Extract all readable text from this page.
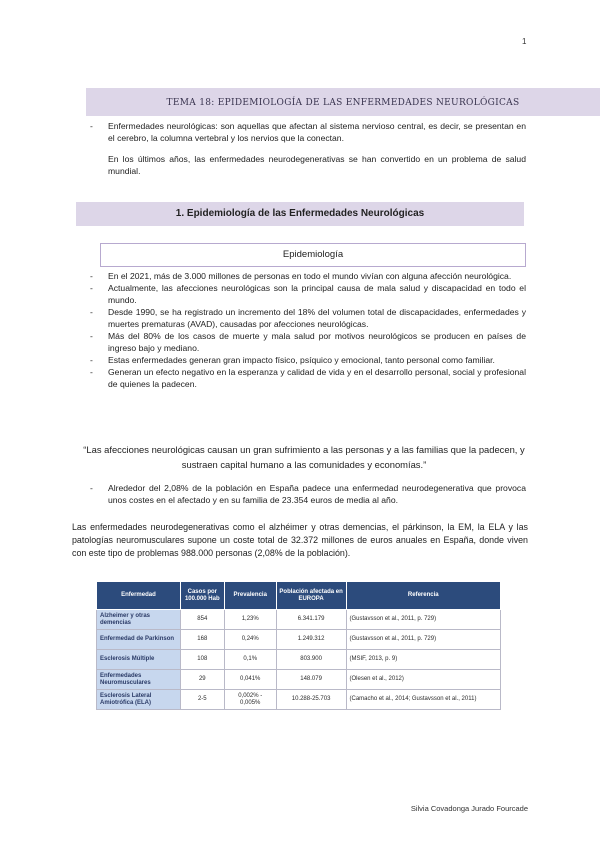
1
TEMA 18: EPIDEMIOLOGÍA DE LAS ENFERMEDADES NEUROLÓGICAS
- Enfermedades neurológicas: son aquellas que afectan al sistema nervioso central, es decir, se presentan en el cerebro, la columna vertebral y los nervios que la conectan.
En los últimos años, las enfermedades neurodegenerativas se han convertido en un problema de salud mundial.
1. Epidemiología de las Enfermedades Neurológicas
Epidemiología
- En el 2021, más de 3.000 millones de personas en todo el mundo vivían con alguna afección neurológica.
- Actualmente, las afecciones neurológicas son la principal causa de mala salud y discapacidad en todo el mundo.
- Desde 1990, se ha registrado un incremento del 18% del volumen total de discapacidades, enfermedades y muertes prematuras (AVAD), causadas por afecciones neurológicas.
- Más del 80% de los casos de muerte y mala salud por motivos neurológicos se producen en países de ingreso bajo y mediano.
- Estas enfermedades generan gran impacto físico, psíquico y emocional, tanto personal como familiar.
- Generan un efecto negativo en la esperanza y calidad de vida y en el desarrollo personal, social y profesional de quienes la padecen.
“Las afecciones neurológicas causan un gran sufrimiento a las personas y a las familias que la padecen, y sustraen capital humano a las comunidades y economías.”
- Alrededor del 2,08% de la población en España padece una enfermedad neurodegenerativa que provoca unos costes en el afectado y en su familia de 23.354 euros de media al año.
Las enfermedades neurodegenerativas como el alzhéimer y otras demencias, el párkinson, la EM, la ELA y las patologías neuromusculares supone un coste total de 32.372 millones de euros anuales en España, donde viven con este tipo de problemas 988.000 personas (2,08% de la población).
Enfermedad	Casos por 100.000 Hab	Prevalencia	Población afectada en EUROPA	Referencia
Alzheimer y otras demencias	854	1,23%	6.341.179	(Gustavsson et al., 2011, p. 729)
Enfermedad de Parkinson	168	0,24%	1.249.312	(Gustavsson et al., 2011, p. 729)
Esclerosis Múltiple	108	0,1%	803.900	(MSIF, 2013, p. 9)
Enfermedades Neuromusculares	29	0,041%	148.079	(Olesen et al., 2012)
Esclerosis Lateral Amiotrófica (ELA)	2-5	0,002% - 0,005%	10.288-25.703	(Camacho et al., 2014; Gustavsson et al., 2011)
Silvia Covadonga Jurado Fourcade
